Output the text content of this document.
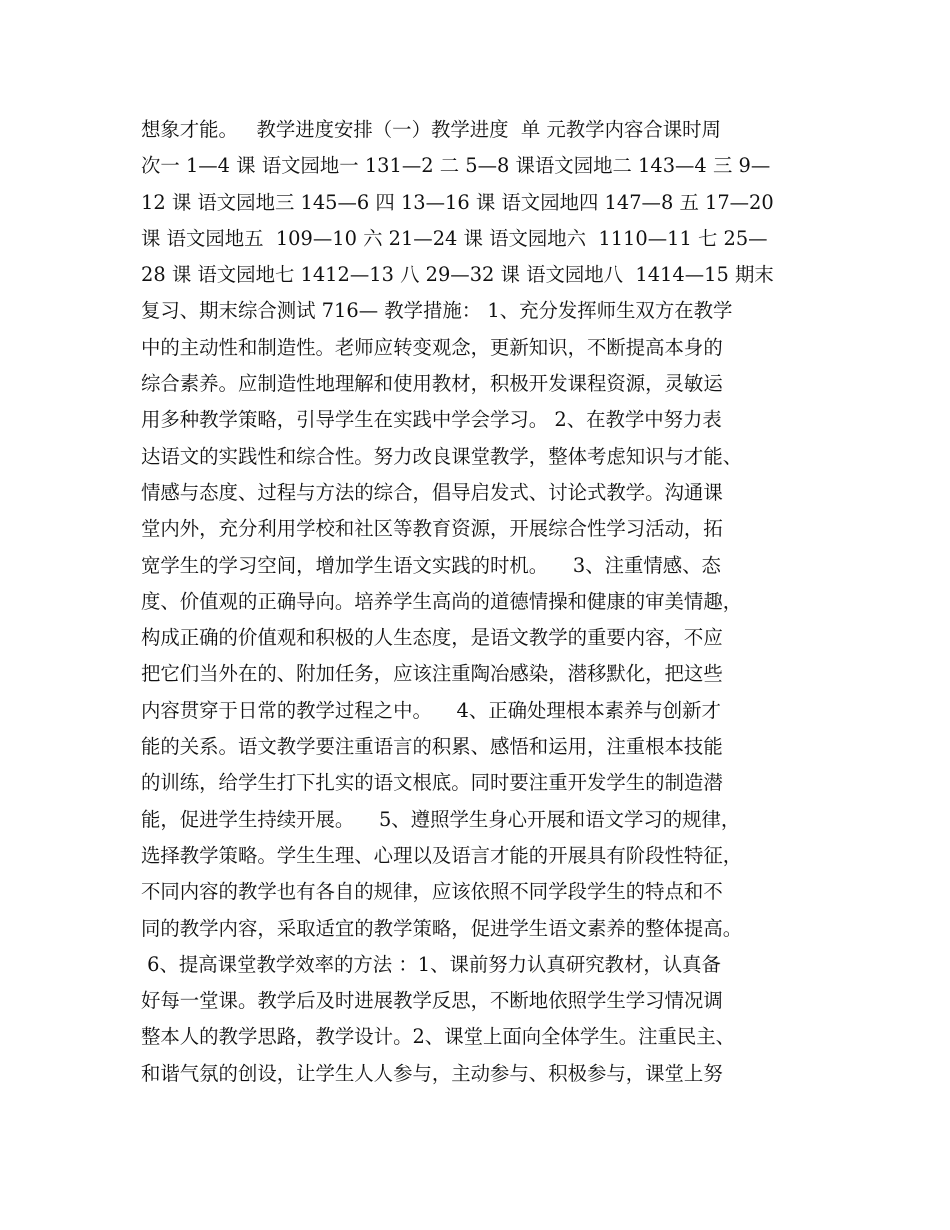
想象才能。   教学进度安排（一）教学进度  单 元教学内容合课时周
次一 1—4 课 语文园地一 131—2 二 5—8 课语文园地二 143—4 三 9—
12 课 语文园地三 145—6 四 13—16 课 语文园地四 147—8 五 17—20
课 语文园地五  109—10 六 21—24 课 语文园地六  1110—11 七 25—
28 课 语文园地七 1412—13 八 29—32 课 语文园地八  1414—15 期末
复习、期末综合测试 716— 教学措施： 1、充分发挥师生双方在教学
中的主动性和制造性。老师应转变观念，更新知识，不断提高本身的
综合素养。应制造性地理解和使用教材，积极开发课程资源，灵敏运
用多种教学策略，引导学生在实践中学会学习。 2、在教学中努力表
达语文的实践性和综合性。努力改良课堂教学，整体考虑知识与才能、
情感与态度、过程与方法的综合，倡导启发式、讨论式教学。沟通课
堂内外，充分利用学校和社区等教育资源，开展综合性学习活动，拓
宽学生的学习空间，增加学生语文实践的时机。    3、注重情感、态
度、价值观的正确导向。培养学生高尚的道德情操和健康的审美情趣，
构成正确的价值观和积极的人生态度，是语文教学的重要内容，不应
把它们当外在的、附加任务，应该注重陶冶感染，潜移默化，把这些
内容贯穿于日常的教学过程之中。    4、正确处理根本素养与创新才
能的关系。语文教学要注重语言的积累、感悟和运用，注重根本技能
的训练，给学生打下扎实的语文根底。同时要注重开发学生的制造潜
能，促进学生持续开展。    5、遵照学生身心开展和语文学习的规律，
选择教学策略。学生生理、心理以及语言才能的开展具有阶段性特征，
不同内容的教学也有各自的规律，应该依照不同学段学生的特点和不
同的教学内容，采取适宜的教学策略，促进学生语文素养的整体提高。
6、提高课堂教学效率的方法 ：1、课前努力认真研究教材，认真备
好每一堂课。教学后及时进展教学反思，不断地依照学生学习情况调
整本人的教学思路，教学设计。2、课堂上面向全体学生。注重民主、
和谐气氛的创设，让学生人人参与，主动参与、积极参与，课堂上努
